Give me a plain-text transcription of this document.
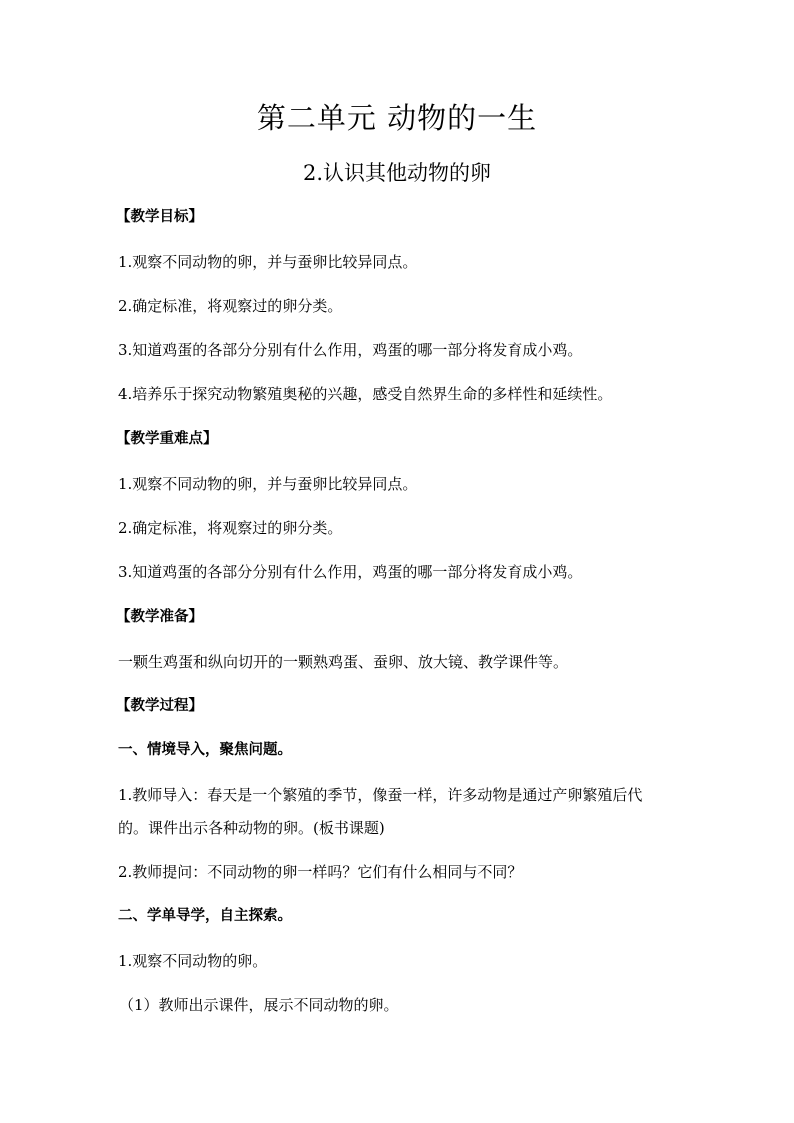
第二单元 动物的一生
2.认识其他动物的卵
【教学目标】
1.观察不同动物的卵，并与蚕卵比较异同点。
2.确定标准，将观察过的卵分类。
3.知道鸡蛋的各部分分别有什么作用，鸡蛋的哪一部分将发育成小鸡。
4.培养乐于探究动物繁殖奥秘的兴趣，感受自然界生命的多样性和延续性。
【教学重难点】
1.观察不同动物的卵，并与蚕卵比较异同点。
2.确定标准，将观察过的卵分类。
3.知道鸡蛋的各部分分别有什么作用，鸡蛋的哪一部分将发育成小鸡。
【教学准备】
一颗生鸡蛋和纵向切开的一颗熟鸡蛋、蚕卵、放大镜、教学课件等。
【教学过程】
一、情境导入，聚焦问题。
1.教师导入：春天是一个繁殖的季节，像蚕一样，许多动物是通过产卵繁殖后代
的。课件出示各种动物的卵。(板书课题)
2.教师提问：不同动物的卵一样吗？它们有什么相同与不同？
二、学单导学，自主探索。
1.观察不同动物的卵。
（1）教师出示课件，展示不同动物的卵。
